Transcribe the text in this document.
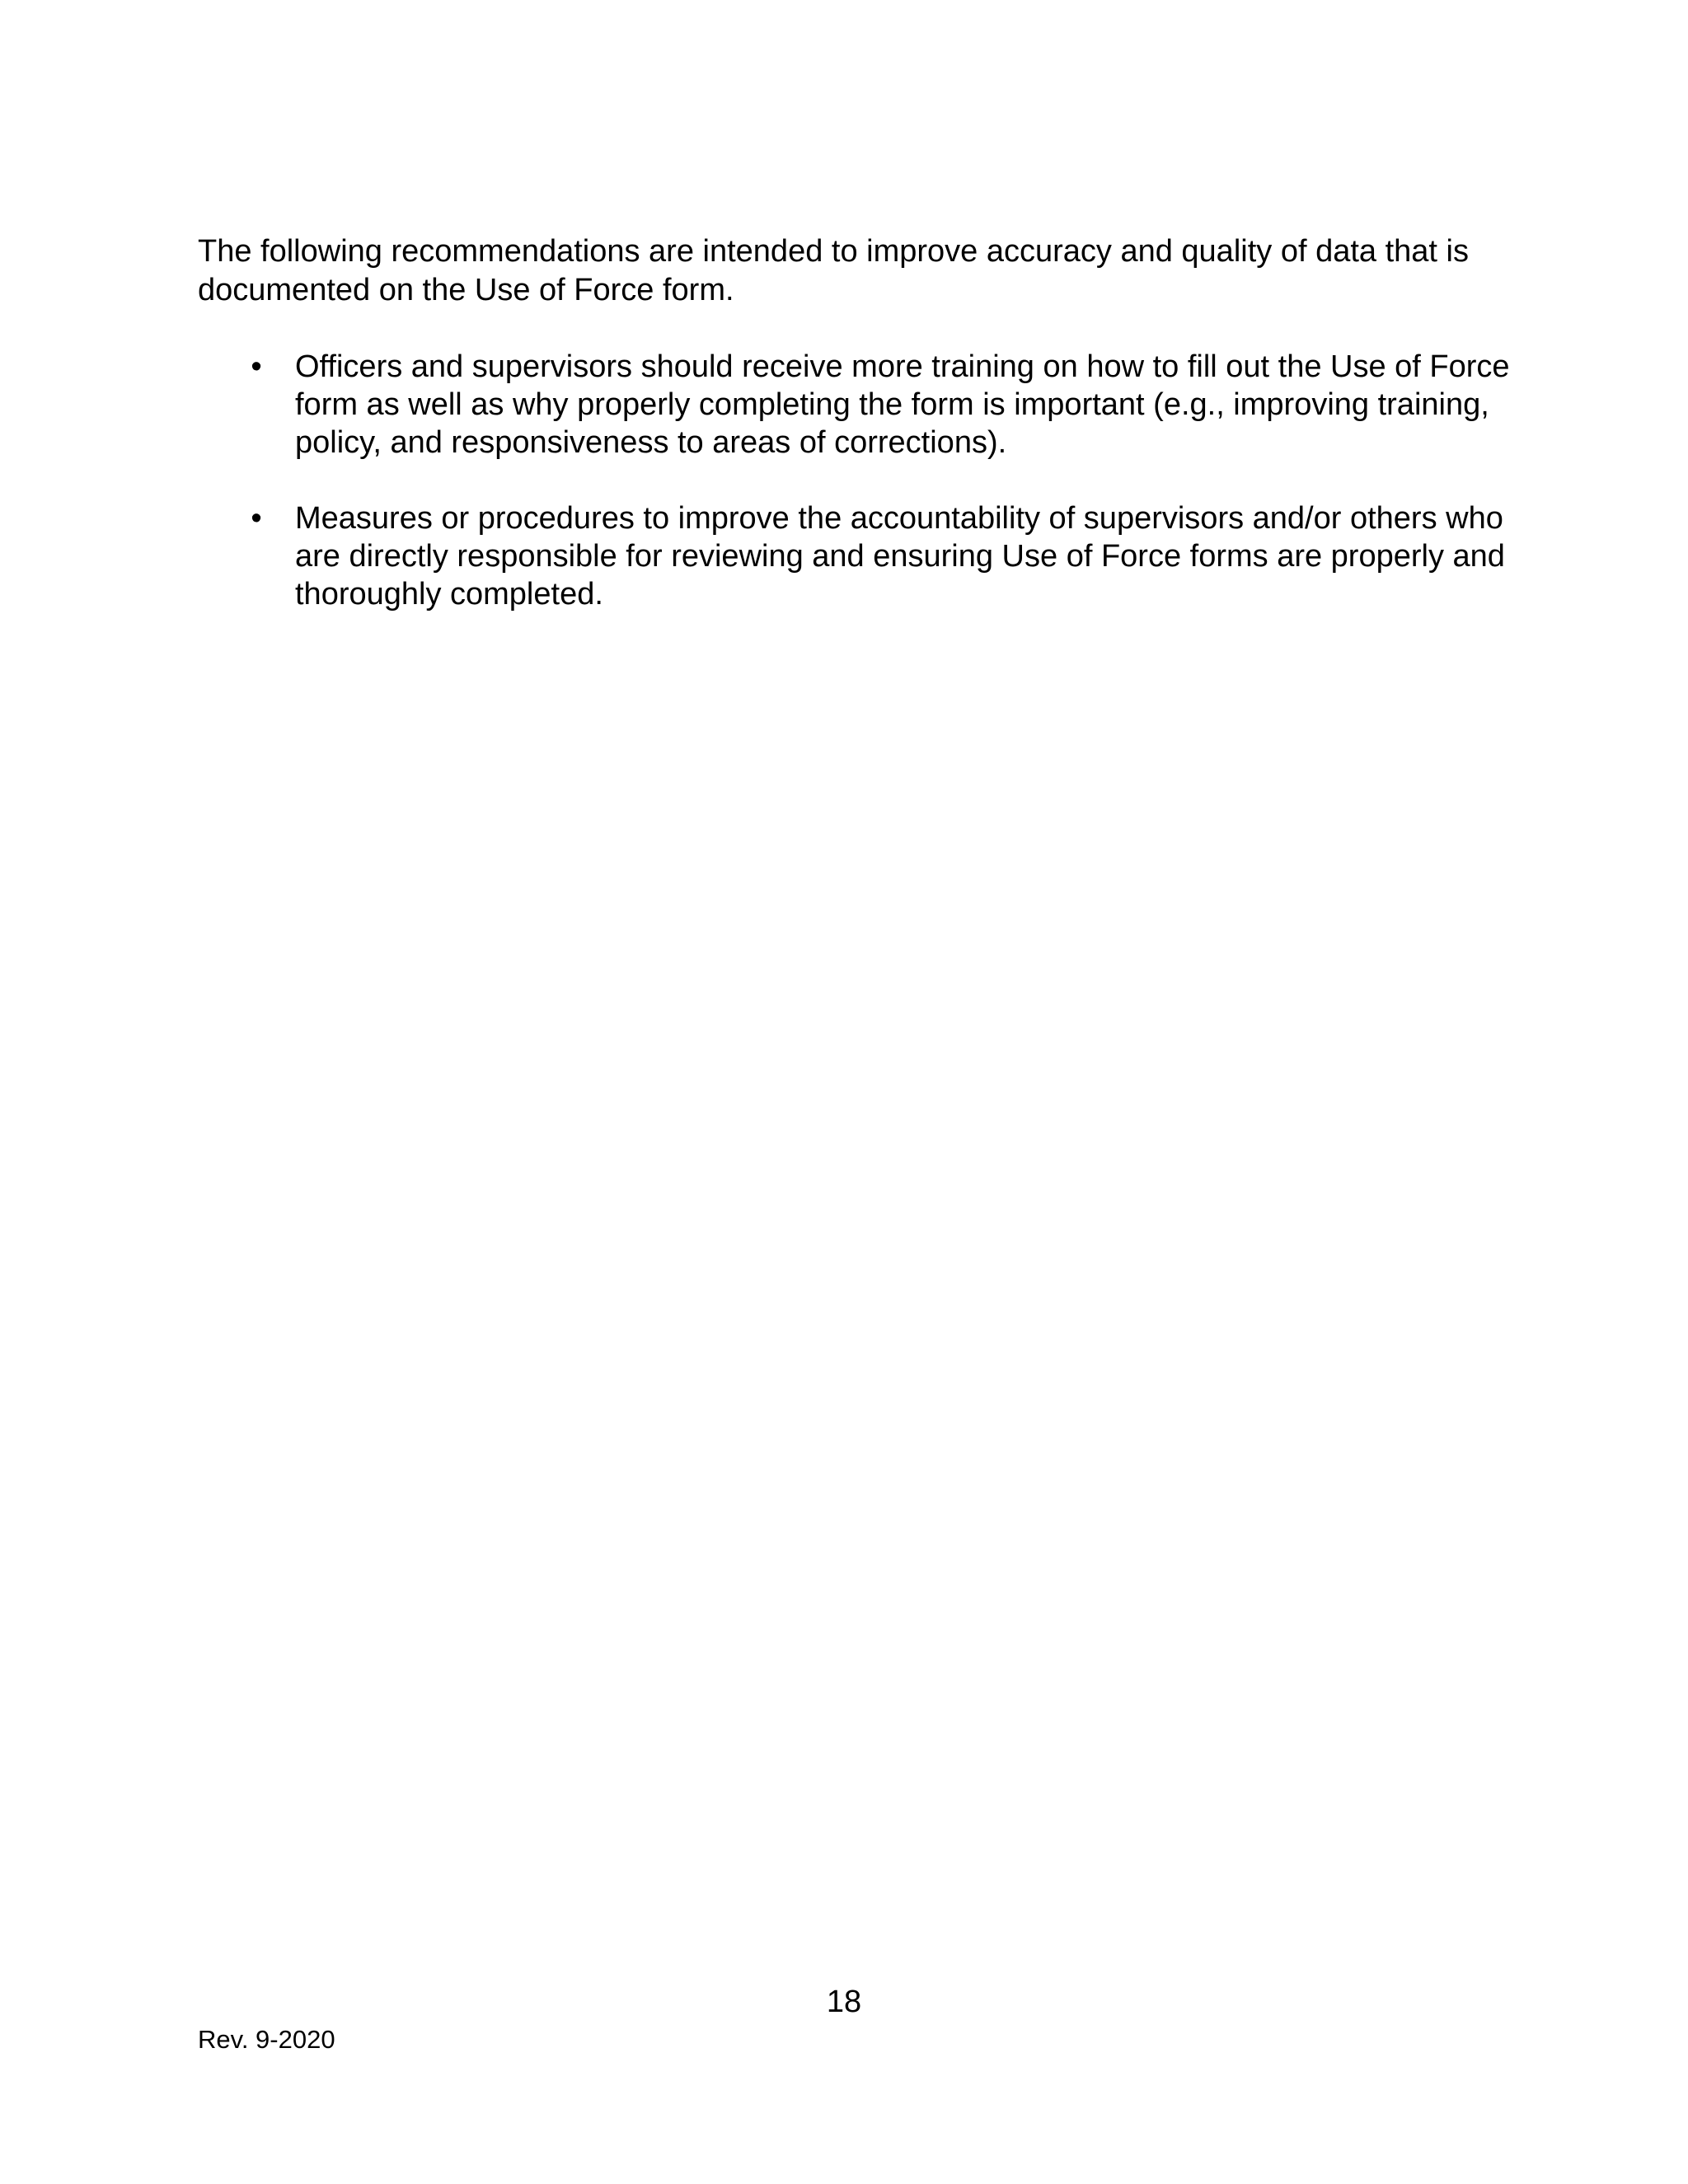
The following recommendations are intended to improve accuracy and quality of data that is documented on the Use of Force form.

• Officers and supervisors should receive more training on how to fill out the Use of Force form as well as why properly completing the form is important (e.g., improving training, policy, and responsiveness to areas of corrections).
• Measures or procedures to improve the accountability of supervisors and/or others who are directly responsible for reviewing and ensuring Use of Force forms are properly and thoroughly completed.

18

Rev. 9-2020
